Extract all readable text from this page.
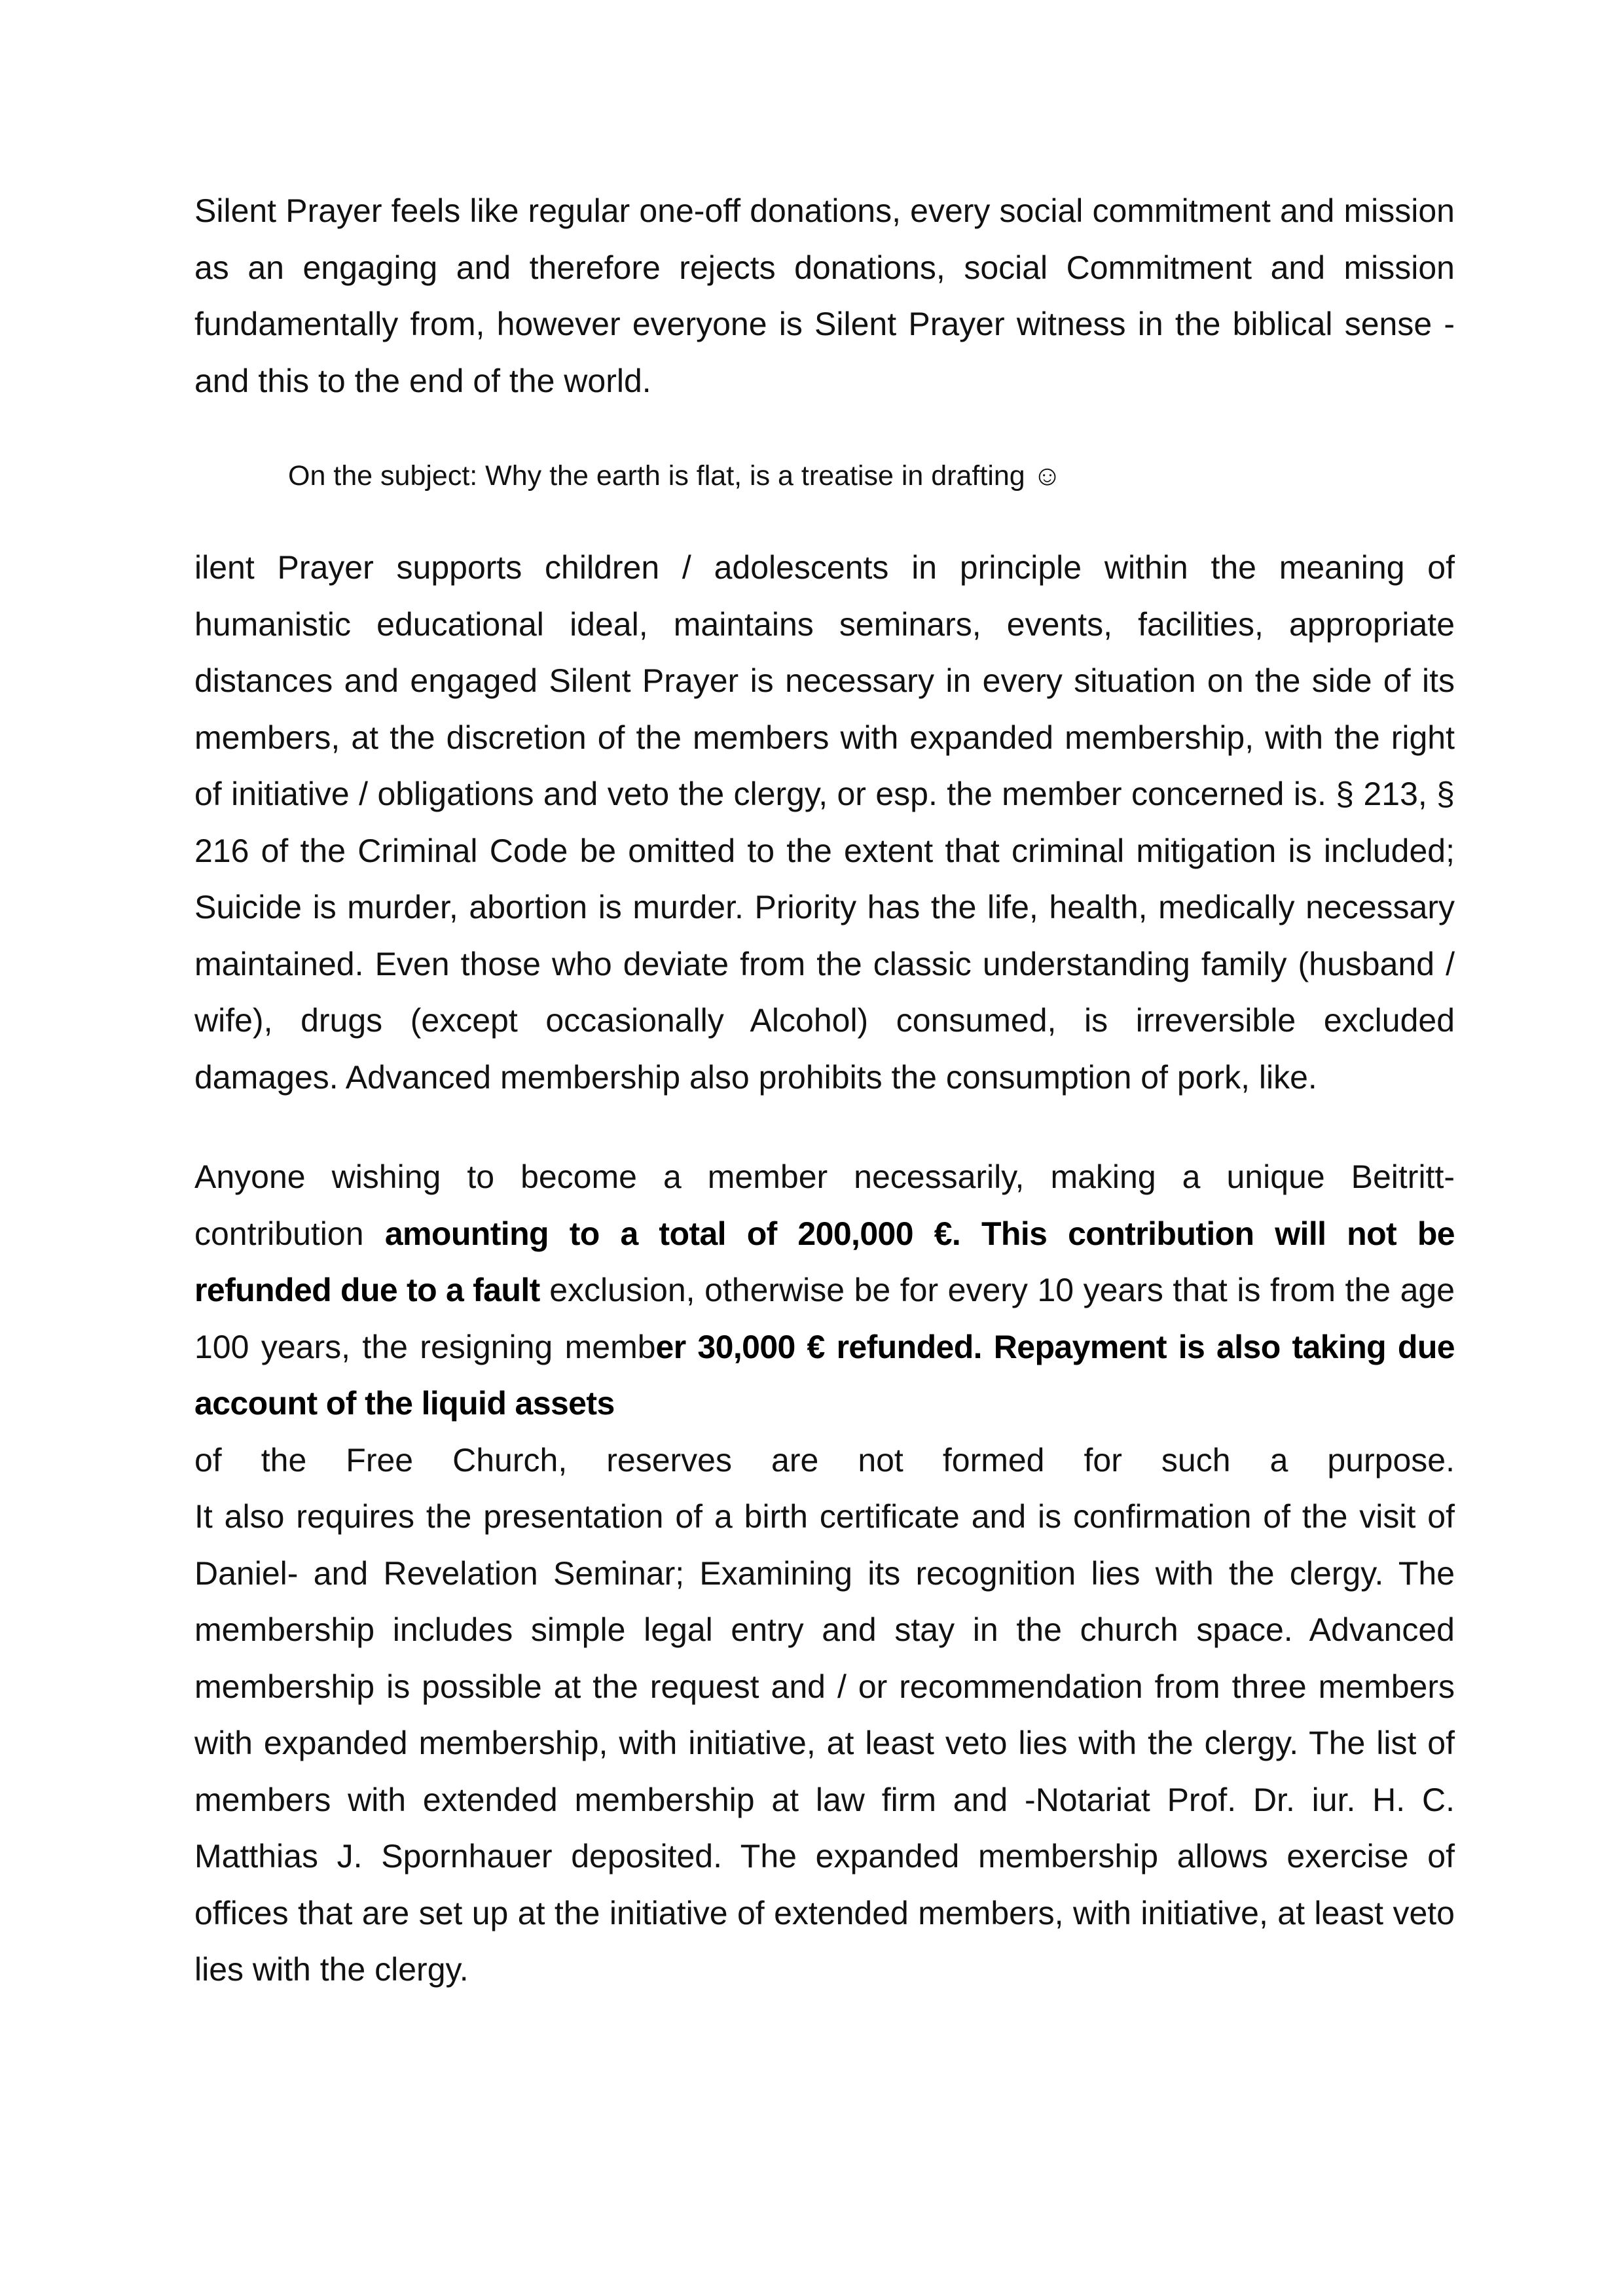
Silent Prayer feels like regular one-off donations, every social commitment and mission as an engaging and therefore rejects donations, social Commitment and mission fundamentally from, however everyone is Silent Prayer witness in the biblical sense - and this to the end of the world.

On the subject: Why the earth is flat, is a treatise in drafting ☺

ilent Prayer supports children / adolescents in principle within the meaning of humanistic educational ideal, maintains seminars, events, facilities, appropriate distances and engaged Silent Prayer is necessary in every situation on the side of its members, at the discretion of the members with expanded membership, with the right of initiative / obligations and veto the clergy, or esp. the member concerned is. § 213, § 216 of the Criminal Code be omitted to the extent that criminal mitigation is included; Suicide is murder, abortion is murder. Priority has the life, health, medically necessary maintained. Even those who deviate from the classic understanding family (husband / wife), drugs (except occasionally Alcohol) consumed, is irreversible excluded damages. Advanced membership also prohibits the consumption of pork, like.

Anyone wishing to become a member necessarily, making a unique Beitritt- contribution amounting to a total of 200,000 €. This contribution will not be refunded due to a fault exclusion, otherwise be for every 10 years that is from the age 100 years, the resigning member 30,000 € refunded. Repayment is also taking due account of the liquid assets
of the Free Church, reserves are not formed for such a purpose.
It also requires the presentation of a birth certificate and is confirmation of the visit of Daniel- and Revelation Seminar; Examining its recognition lies with the clergy. The membership includes simple legal entry and stay in the church space. Advanced membership is possible at the request and / or recommendation from three members with expanded membership, with initiative, at least veto lies with the clergy. The list of members with extended membership at law firm and -Notariat Prof. Dr. iur. H. C. Matthias J. Spornhauer deposited. The expanded membership allows exercise of offices that are set up at the initiative of extended members, with initiative, at least veto lies with the clergy.
